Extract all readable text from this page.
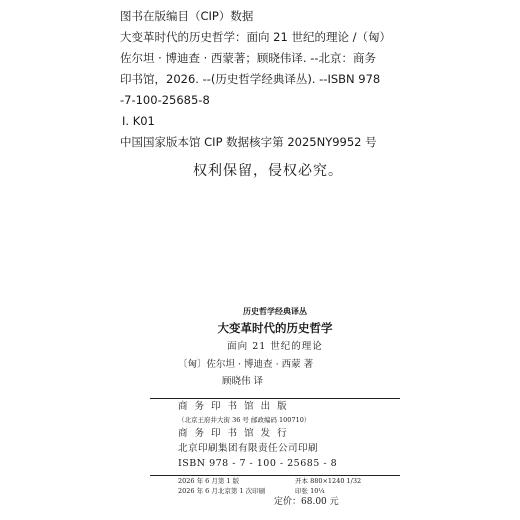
图书在版编目（CIP）数据
大变革时代的历史哲学：面向 21 世纪的理论 /（匈）
佐尔坦 · 博迪查 · 西蒙著；顾晓伟译. --北京：商务
印书馆，2026. --(历史哲学经典译丛). --ISBN 978
-7-100-25685-8
Ⅰ. K01
中国国家版本馆 CIP 数据核字第 2025NY9952 号
权利保留，侵权必究。
历史哲学经典译丛
大变革时代的历史哲学
面向 21 世纪的理论
〔匈〕佐尔坦 · 博迪查 · 西蒙 著
顾晓伟 译
商 务 印 书 馆 出 版
（北京王府井大街 36 号 邮政编码 100710）
商 务 印 书 馆 发 行
北京印刷集团有限责任公司印刷
ISBN 978 - 7 - 100 - 25685 - 8
2026 年 6 月第 1 版	开本 880×1240 1/32
2026 年 6 月北京第 1 次印刷	印张 10¼
定价：68.00 元
